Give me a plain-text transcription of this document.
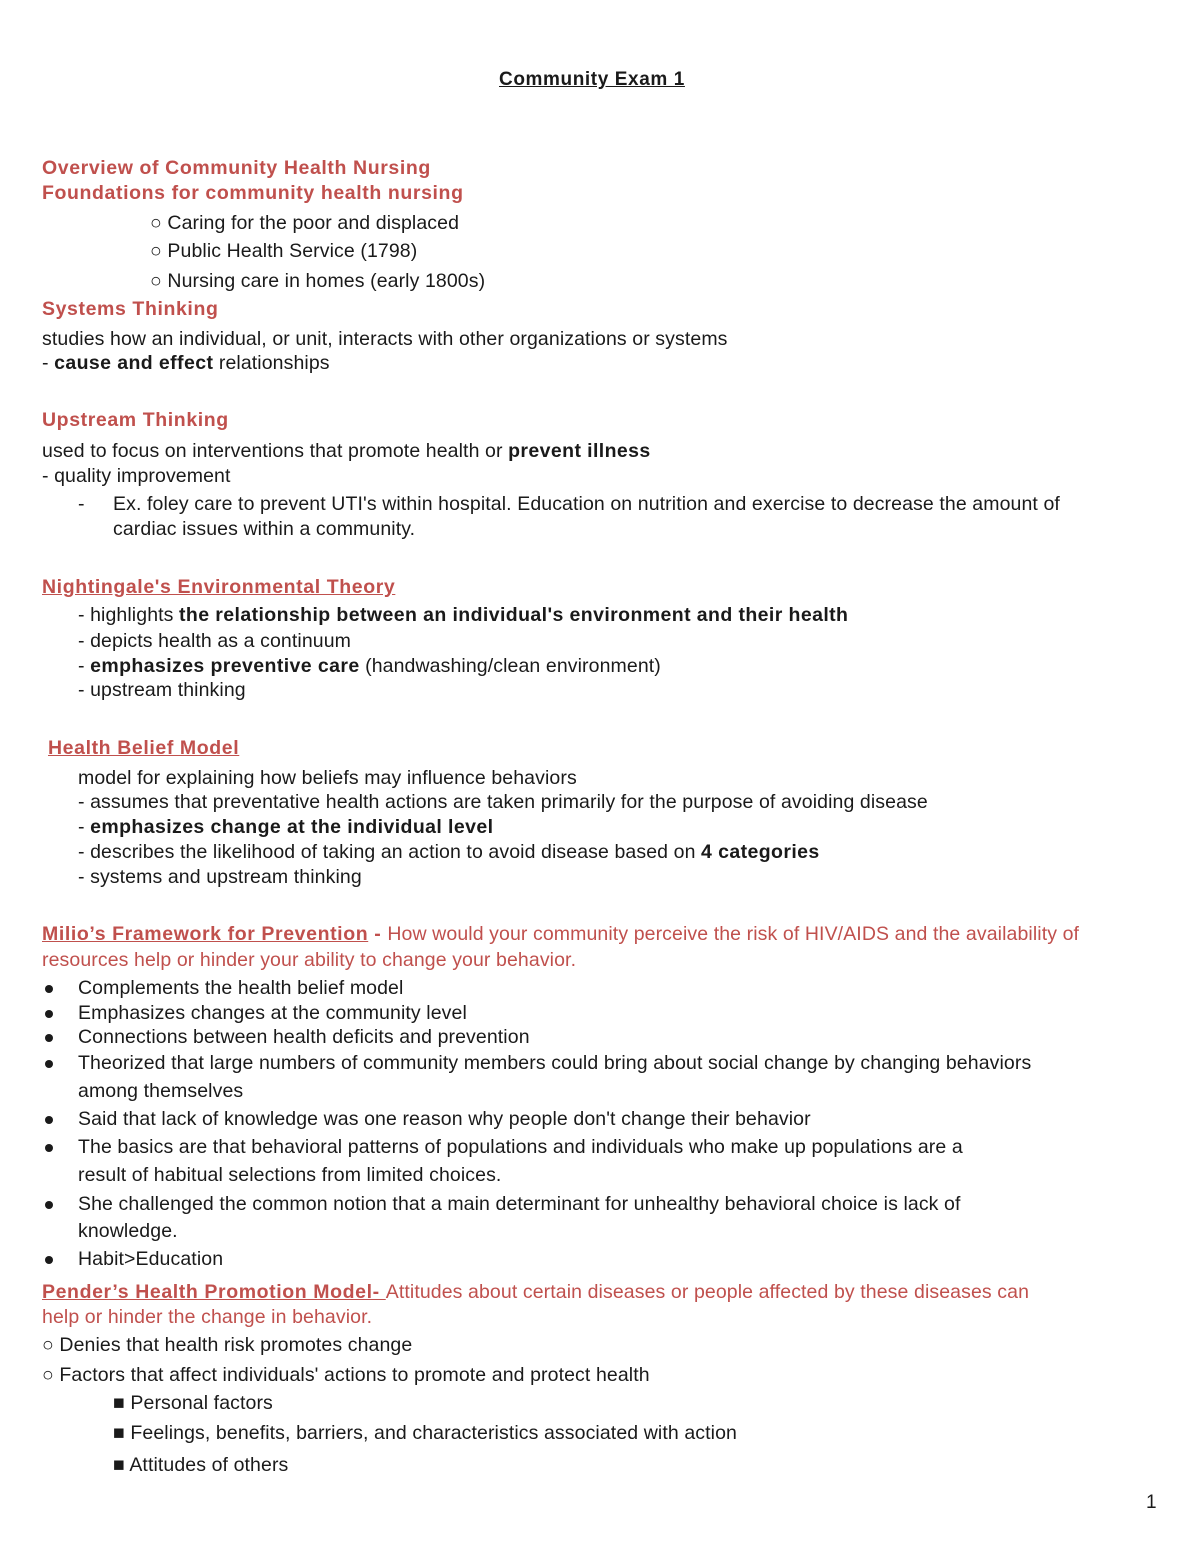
Community Exam 1
Overview of Community Health Nursing
Foundations for community health nursing
○ Caring for the poor and displaced
○ Public Health Service (1798)
○ Nursing care in homes (early 1800s)
Systems Thinking
studies how an individual, or unit, interacts with other organizations or systems
- cause and effect relationships
Upstream Thinking
used to focus on interventions that promote health or prevent illness
- quality improvement
- Ex. foley care to prevent UTI's within hospital. Education on nutrition and exercise to decrease the amount of
cardiac issues within a community.
Nightingale's Environmental Theory
- highlights the relationship between an individual's environment and their health
- depicts health as a continuum
- emphasizes preventive care (handwashing/clean environment)
- upstream thinking
Health Belief Model
model for explaining how beliefs may influence behaviors
- assumes that preventative health actions are taken primarily for the purpose of avoiding disease
- emphasizes change at the individual level
- describes the likelihood of taking an action to avoid disease based on 4 categories
- systems and upstream thinking
Milio’s Framework for Prevention - How would your community perceive the risk of HIV/AIDS and the availability of
resources help or hinder your ability to change your behavior.
Complements the health belief model
Emphasizes changes at the community level
Connections between health deficits and prevention
Theorized that large numbers of community members could bring about social change by changing behaviors
among themselves
Said that lack of knowledge was one reason why people don't change their behavior
The basics are that behavioral patterns of populations and individuals who make up populations are a
result of habitual selections from limited choices.
She challenged the common notion that a main determinant for unhealthy behavioral choice is lack of
knowledge.
Habit>Education
Pender’s Health Promotion Model- Attitudes about certain diseases or people affected by these diseases can
help or hinder the change in behavior.
○ Denies that health risk promotes change
○ Factors that affect individuals' actions to promote and protect health
■ Personal factors
■ Feelings, benefits, barriers, and characteristics associated with action
■ Attitudes of others
1
